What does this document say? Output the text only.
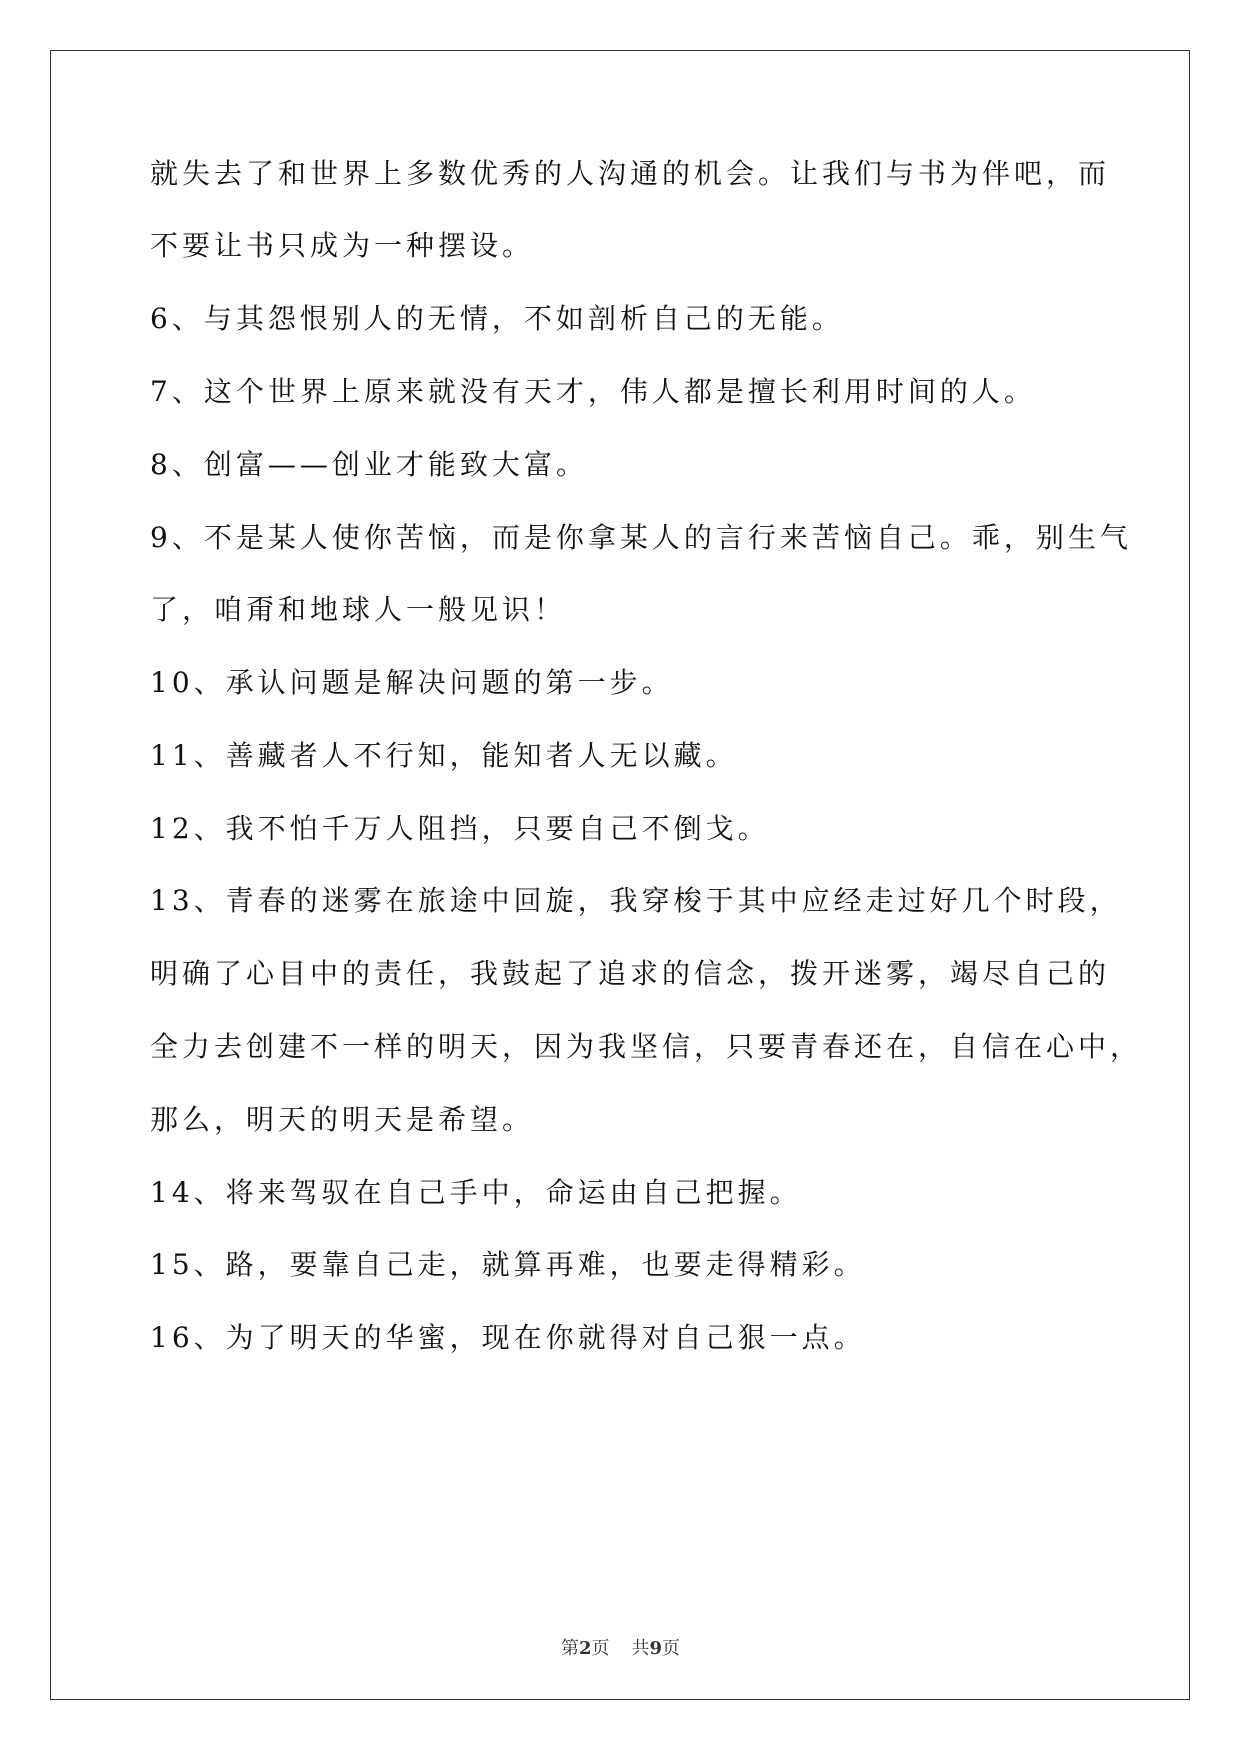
就失去了和世界上多数优秀的人沟通的机会。让我们与书为伴吧，而
不要让书只成为一种摆设。
6、与其怨恨别人的无情，不如剖析自己的无能。
7、这个世界上原来就没有天才，伟人都是擅长利用时间的人。
8、创富——创业才能致大富。
9、不是某人使你苦恼，而是你拿某人的言行来苦恼自己。乖，别生气
了，咱甭和地球人一般见识！
10、承认问题是解决问题的第一步。
11、善藏者人不行知，能知者人无以藏。
12、我不怕千万人阻挡，只要自己不倒戈。
13、青春的迷雾在旅途中回旋，我穿梭于其中应经走过好几个时段，
明确了心目中的责任，我鼓起了追求的信念，拨开迷雾，竭尽自己的
全力去创建不一样的明天，因为我坚信，只要青春还在，自信在心中，
那么，明天的明天是希望。
14、将来驾驭在自己手中，命运由自己把握。
15、路，要靠自己走，就算再难，也要走得精彩。
16、为了明天的华蜜，现在你就得对自己狠一点。
第2页 共9页
